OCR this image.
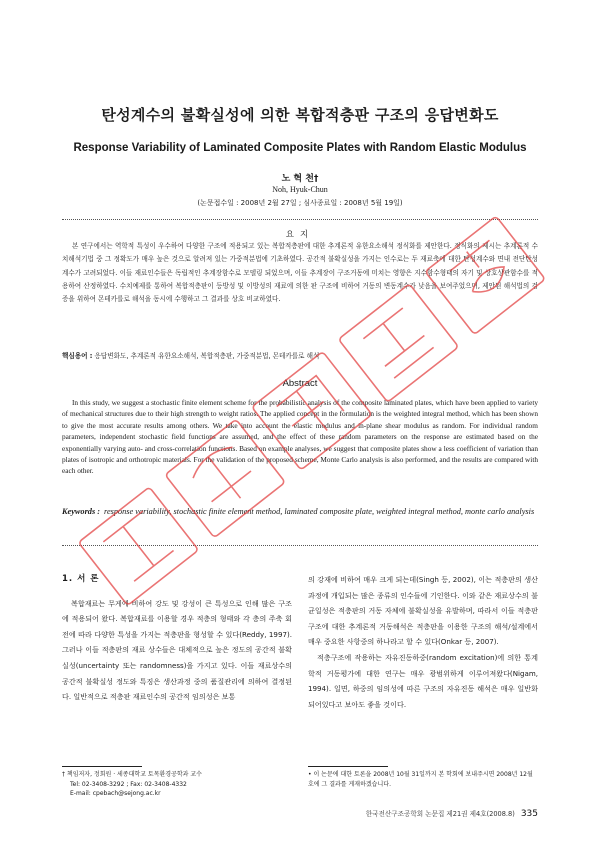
탄성계수의 불확실성에 의한 복합적층판 구조의 응답변화도
Response Variability of Laminated Composite Plates with Random Elastic Modulus
노 혁 천†
Noh, Hyuk-Chun
(논문접수일 : 2008년 2월 27일 ; 심사종료일 : 2008년 5월 19일)
요지

본 연구에서는 역학적 특성이 우수하여 다양한 구조에 적용되고 있는 복합적층판에 대한 추계론적 유한요소해석 정식화를 제안한다. 정식화의 제시는 추계론적 수치해석기법 중 그 정확도가 매우 높은 것으로 알려져 있는 가중적분법에 기초하였다. 공간적 불확실성을 가지는 인수로는 두 재료축에 대한 탄성계수와 면내 전단탄성계수가 고려되었다. 이들 재료인수들은 독립적인 추계장함수로 모델링 되었으며, 이들 추계장이 구조거동에 미치는 영향은 지수함수형태의 자기 및 상호상관함수를 적용하여 산정하였다. 수치예제를 통하여 복합적층판이 등방성 및 이방성의 재료에 의한 판 구조에 비하여 거동의 변동계수가 낮음을 보여주었으며, 제안된 해석법의 검증을 위하여 몬테카를로 해석을 동시에 수행하고 그 결과를 상호 비교하였다.

핵심용어 : 응답변화도, 추계론적 유한요소해석, 복합적층판, 가중적분법, 몬테카를로 해석
Abstract

In this study, we suggest a stochastic finite element scheme for the probabilistic analysis of the composite laminated plates, which have been applied to variety of mechanical structures due to their high strength to weight ratios. The applied concept in the formulation is the weighted integral method, which has been shown to give the most accurate results among others. We take into account the elastic modulus and in-plane shear modulus as random. For individual random parameters, independent stochastic field functions are assumed, and the effect of these random parameters on the response are estimated based on the exponentially varying auto- and cross-correlation functions. Based on example analyses, we suggest that composite plates show a less coefficient of variation than plates of isotropic and orthotropic materials. For the validation of the proposed scheme, Monte Carlo analysis is also performed, and the results are compared with each other.

Keywords : response variability, stochastic finite element method, laminated composite plate, weighted integral method, monte carlo analysis
1. 서 론

복합재료는 무게에 비하여 강도 및 강성이 큰 특성으로 인해 많은 구조에 적용되어 왔다. 복합재료를 이용할 경우 적층의 형태와 각 층의 주축 회전에 따라 다양한 특성을 가지는 적층판을 형성할 수 있다(Reddy, 1997). 그러나 이들 적층판의 재료 상수들은 대체적으로 높은 정도의 공간적 불확실성(uncertainty 또는 randomness)을 가지고 있다. 이들 재료상수의 공간적 불확실성 정도와 특징은 생산과정 중의 품질관리에 의하여 결정된다. 일반적으로 적층판 재료인수의 공간적 임의성은 보통

의 강재에 비하여 매우 크게 되는데(Singh 등, 2002), 이는 적층판의 생산과정에 개입되는 많은 종류의 인수들에 기인한다. 이와 같은 재료상수의 불균일성은 적층판의 거동 자체에 불확실성을 유발하며, 따라서 이들 적층판 구조에 대한 추계론적 거동해석은 적층판을 이용한 구조의 해석/설계에서 매우 중요한 사항중의 하나라고 할 수 있다(Onkar 등, 2007).

적층구조에 작용하는 자유진동하중(random excitation)에 의한 통계학적 거동평가에 대한 연구는 매우 광범위하게 이루어져왔다(Nigam, 1994). 일면, 하중의 임의성에 따른 구조의 자유진동 해석은 매우 일반화 되어있다고 보아도 좋을 것이다.

† 책임저자, 정회원 · 세종대학교 토목환경공학과 교수

Tel: 02-3408-3292 ; Fax: 02-3408-4332

E-mail: cpebach@sejong.ac.kr

• 이 논문에 대한 토론을 2008년 10월 31일까지 본 학회에 보내주시면 2008년 12월호에 그 결과를 게재하겠습니다.

한국전산구조공학회 논문집 제21권 제4호(2008.8) 335
